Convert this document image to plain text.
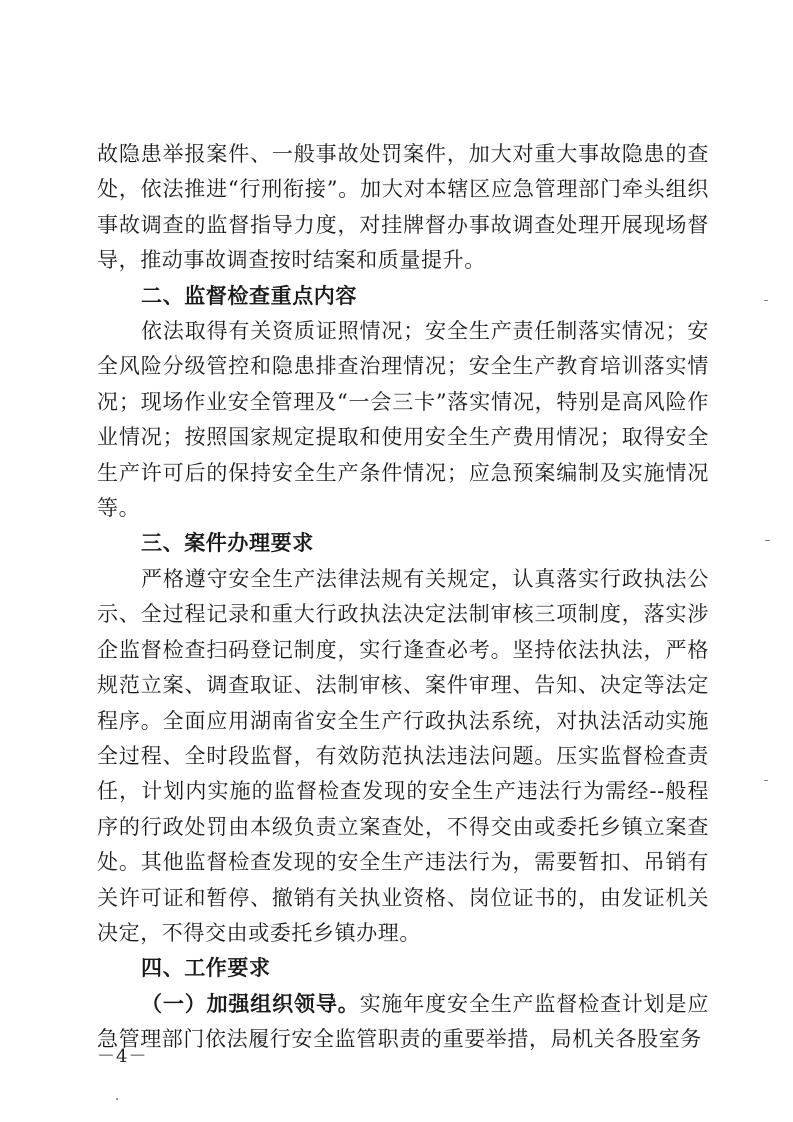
故隐患举报案件、一般事故处罚案件，加大对重大事故隐患的查处，依法推进“行刑衔接”。加大对本辖区应急管理部门牵头组织事故调查的监督指导力度，对挂牌督办事故调查处理开展现场督导，推动事故调查按时结案和质量提升。

二、监督检查重点内容

依法取得有关资质证照情况；安全生产责任制落实情况；安全风险分级管控和隐患排查治理情况；安全生产教育培训落实情况；现场作业安全管理及“一会三卡”落实情况，特别是高风险作业情况；按照国家规定提取和使用安全生产费用情况；取得安全生产许可后的保持安全生产条件情况；应急预案编制及实施情况等。

三、案件办理要求

严格遵守安全生产法律法规有关规定，认真落实行政执法公示、全过程记录和重大行政执法决定法制审核三项制度，落实涉企监督检查扫码登记制度，实行逢查必考。坚持依法执法，严格规范立案、调查取证、法制审核、案件审理、告知、决定等法定程序。全面应用湖南省安全生产行政执法系统，对执法活动实施全过程、全时段监督，有效防范执法违法问题。压实监督检查责任，计划内实施的监督检查发现的安全生产违法行为需经--般程序的行政处罚由本级负责立案查处，不得交由或委托乡镇立案查处。其他监督检查发现的安全生产违法行为，需要暂扣、吊销有关许可证和暂停、撤销有关执业资格、岗位证书的，由发证机关决定，不得交由或委托乡镇办理。

四、工作要求

（一）加强组织领导。实施年度安全生产监督检查计划是应急管理部门依法履行安全监管职责的重要举措，局机关各股室务

－4－
